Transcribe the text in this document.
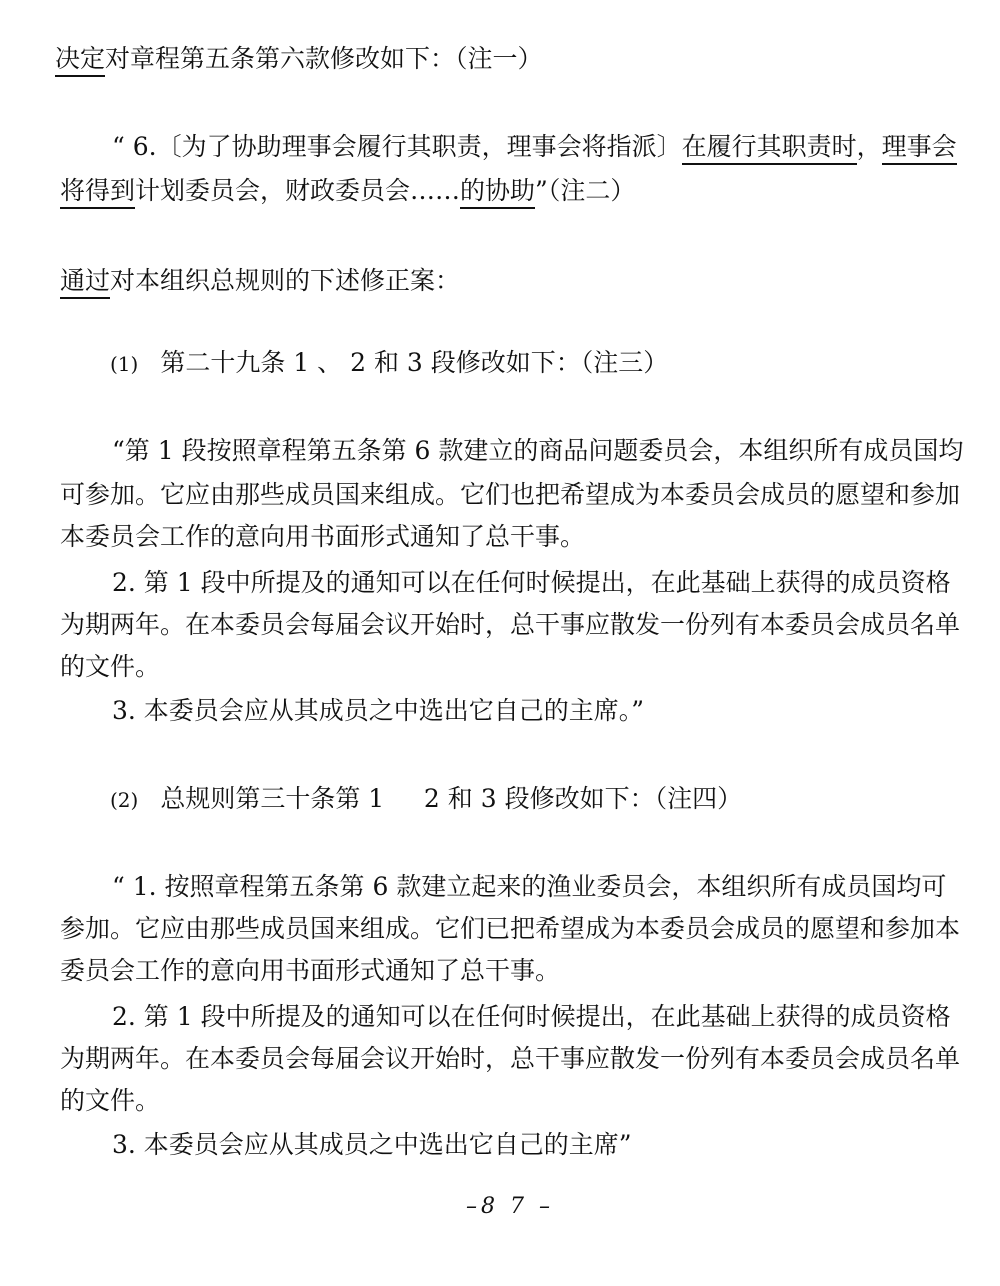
决定对章程第五条第六款修改如下：（注一）
“ 6.〔为了协助理事会履行其职责，理事会将指派〕在履行其职责时，理事会
将得到计划委员会，财政委员会……的协助”（注二）
通过对本组织总规则的下述修正案：
(1) 第二十九条 1 、 2 和 3 段修改如下：（注三）
“第 1 段按照章程第五条第 6 款建立的商品问题委员会，本组织所有成员国均
可参加。它应由那些成员国来组成。它们也把希望成为本委员会成员的愿望和参加
本委员会工作的意向用书面形式通知了总干事。
2. 第 1 段中所提及的通知可以在任何时候提出，在此基础上获得的成员资格
为期两年。在本委员会每届会议开始时，总干事应散发一份列有本委员会成员名单
的文件。
3. 本委员会应从其成员之中选出它自己的主席。”
(2) 总规则第三十条第 1     2 和 3 段修改如下：（注四）
“ 1. 按照章程第五条第 6 款建立起来的渔业委员会，本组织所有成员国均可
参加。它应由那些成员国来组成。它们已把希望成为本委员会成员的愿望和参加本
委员会工作的意向用书面形式通知了总干事。
2. 第 1 段中所提及的通知可以在任何时候提出，在此基础上获得的成员资格
为期两年。在本委员会每届会议开始时，总干事应散发一份列有本委员会成员名单
的文件。
3. 本委员会应从其成员之中选出它自己的主席”
–8 7 –
